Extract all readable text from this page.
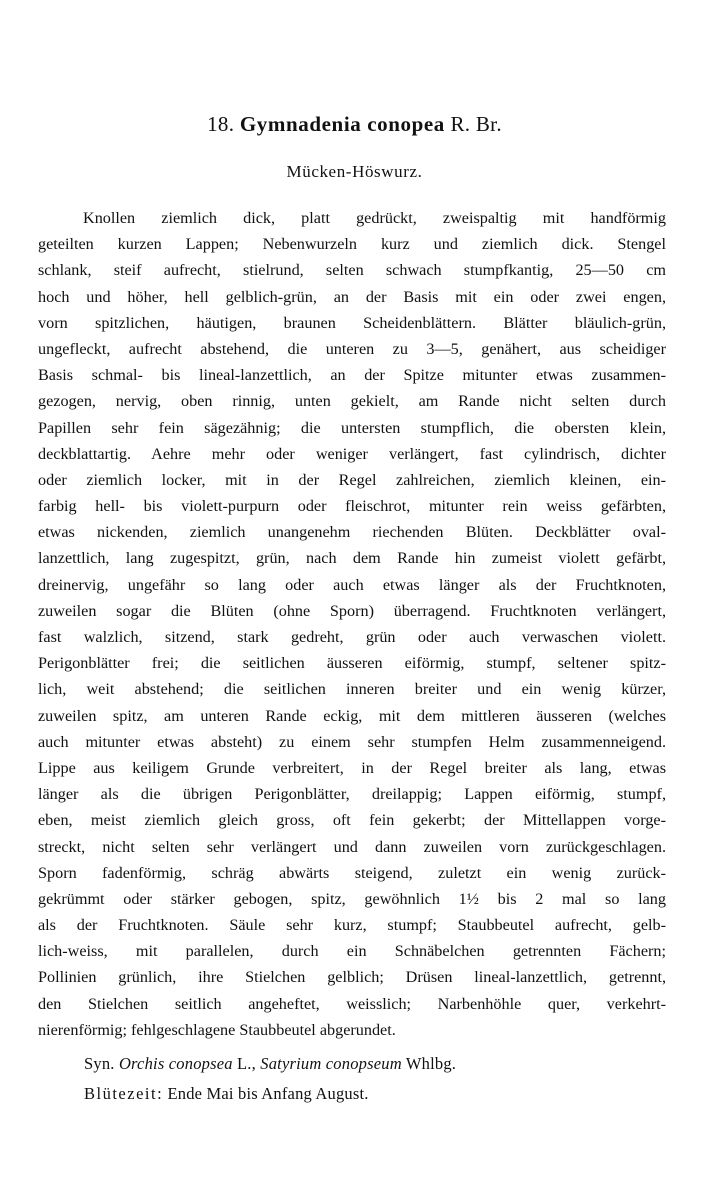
18. Gymnadenia conopea R. Br.
Mücken-Höswurz.
Knollen ziemlich dick, platt gedrückt, zweispaltig mit handförmig
geteilten kurzen Lappen; Nebenwurzeln kurz und ziemlich dick. Stengel
schlank, steif aufrecht, stielrund, selten schwach stumpfkantig, 25—50 cm
hoch und höher, hell gelblich-grün, an der Basis mit ein oder zwei engen,
vorn spitzlichen, häutigen, braunen Scheidenblättern. Blätter bläulich-grün,
ungefleckt, aufrecht abstehend, die unteren zu 3—5, genähert, aus scheidiger
Basis schmal- bis lineal-lanzettlich, an der Spitze mitunter etwas zusammen-
gezogen, nervig, oben rinnig, unten gekielt, am Rande nicht selten durch
Papillen sehr fein sägezähnig; die untersten stumpflich, die obersten klein,
deckblattartig. Aehre mehr oder weniger verlängert, fast cylindrisch, dichter
oder ziemlich locker, mit in der Regel zahlreichen, ziemlich kleinen, ein-
farbig hell- bis violett-purpurn oder fleischrot, mitunter rein weiss gefärbten,
etwas nickenden, ziemlich unangenehm riechenden Blüten. Deckblätter oval-
lanzettlich, lang zugespitzt, grün, nach dem Rande hin zumeist violett gefärbt,
dreinervig, ungefähr so lang oder auch etwas länger als der Fruchtknoten,
zuweilen sogar die Blüten (ohne Sporn) überragend. Fruchtknoten verlängert,
fast walzlich, sitzend, stark gedreht, grün oder auch verwaschen violett.
Perigonblätter frei; die seitlichen äusseren eiförmig, stumpf, seltener spitz-
lich, weit abstehend; die seitlichen inneren breiter und ein wenig kürzer,
zuweilen spitz, am unteren Rande eckig, mit dem mittleren äusseren (welches
auch mitunter etwas absteht) zu einem sehr stumpfen Helm zusammenneigend.
Lippe aus keiligem Grunde verbreitert, in der Regel breiter als lang, etwas
länger als die übrigen Perigonblätter, dreilappig; Lappen eiförmig, stumpf,
eben, meist ziemlich gleich gross, oft fein gekerbt; der Mittellappen vorge-
streckt, nicht selten sehr verlängert und dann zuweilen vorn zurückgeschlagen.
Sporn fadenförmig, schräg abwärts steigend, zuletzt ein wenig zurück-
gekrümmt oder stärker gebogen, spitz, gewöhnlich 1½ bis 2 mal so lang
als der Fruchtknoten. Säule sehr kurz, stumpf; Staubbeutel aufrecht, gelb-
lich-weiss, mit parallelen, durch ein Schnäbelchen getrennten Fächern;
Pollinien grünlich, ihre Stielchen gelblich; Drüsen lineal-lanzettlich, getrennt,
den Stielchen seitlich angeheftet, weisslich; Narbenhöhle quer, verkehrt-
nierenförmig; fehlgeschlagene Staubbeutel abgerundet.
Syn. Orchis conopsea L., Satyrium conopseum Whlbg.
Blütezeit: Ende Mai bis Anfang August.
